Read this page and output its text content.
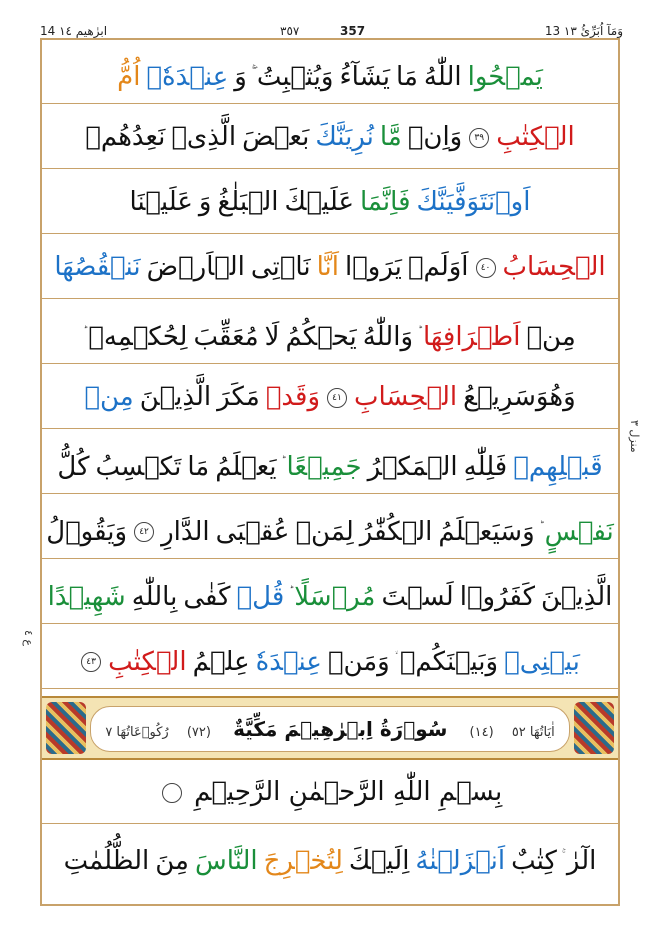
13 وَمَآ اُبَرِّئُ ١٣
٣٥٧	357
14 ابرٰهیم ١٤
يَمۡحُوااللّٰهُمَايَشَآءُوَيُثۡبِتُوَعِنۡدَهٗۤاُمُّ
الۡكِتٰبِ٣٩وَاِنۡمَّانُرِيَنَّكَبَعۡضَالَّذِىۡنَعِدُهُمۡ
اَوۡنَتَوَفَّيَنَّكَفَاِنَّمَاعَلَيۡكَالۡبَلٰغُوَعَلَيۡنَا
الۡحِسَابُ٤٠اَوَلَمۡيَرَوۡااَنَّانَاۡتِىالۡاَرۡضَنَنۡقُصُهَا
مِنۡاَطۡرَافِهَاوَاللّٰهُيَحۡكُمُلَامُعَقِّبَلِحُكۡمِهٖ
وَهُوَسَرِيۡعُالۡحِسَابِ٤١وَقَدۡمَكَرَالَّذِيۡنَمِنۡ
قَبۡلِهِمۡفَلِلّٰهِالۡمَكۡرُجَمِيۡعًايَعۡلَمُمَاتَكۡسِبُكُلُّ
نَفۡسٍوَسَيَعۡلَمُالۡكُفّٰرُلِمَنۡعُقۡبَىالدَّارِ٤٢وَيَقُوۡلُ
الَّذِيۡنَكَفَرُوۡالَسۡتَمُرۡسَلًاقُلۡكَفٰىبِاللّٰهِشَهِيۡدًا
بَيۡنِىۡوَبَيۡنَكُمۡوَمَنۡعِنۡدَهٗعِلۡمُالۡكِتٰبِ٤٣
اٰيَاتُهَا ٥٢ (١٤) سُوۡرَةُ اِبۡرٰهِيۡمَ مَكِّيَّةٌ (٧٢) رُكُوۡعَاتُهَا ٧
بِسۡمِ اللّٰهِ الرَّحۡمٰنِ الرَّحِيۡمِ
الٓرٰكِتٰبٌاَنۡزَلۡنٰهُاِلَيۡكَلِتُخۡرِجَالنَّاسَمِنَالظُّلُمٰتِ
منزل ٣
ع ٤
